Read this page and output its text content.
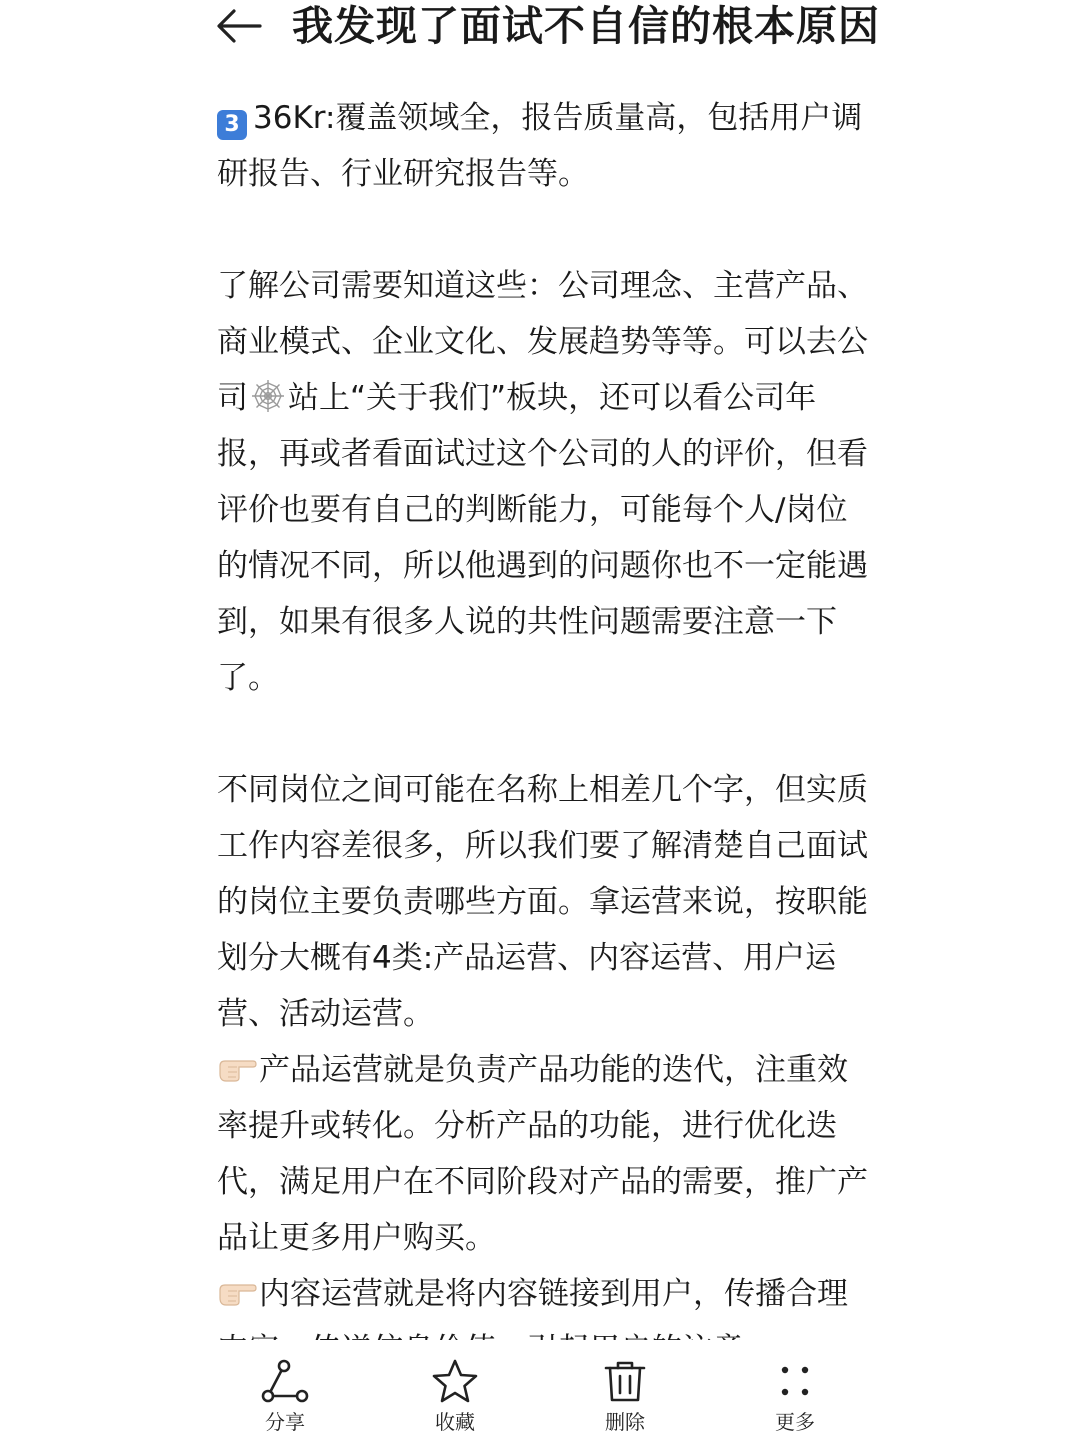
我发现了面试不自信的根本原因

3 36Kr:覆盖领域全，报告质量高，包括用户调研报告、行业研究报告等。

了解公司需要知道这些：公司理念、主营产品、商业模式、企业文化、发展趋势等等。可以去公司 站上“关于我们”板块，还可以看公司年报，再或者看面试过这个公司的人的评价，但看评价也要有自己的判断能力，可能每个人/岗位的情况不同，所以他遇到的问题你也不一定能遇到，如果有很多人说的共性问题需要注意一下了。

不同岗位之间可能在名称上相差几个字，但实质工作内容差很多，所以我们要了解清楚自己面试的岗位主要负责哪些方面。拿运营来说，按职能划分大概有4类:产品运营、内容运营、用户运营、活动运营。

产品运营就是负责产品功能的迭代，注重效率提升或转化。分析产品的功能，进行优化迭代，满足用户在不同阶段对产品的需要，推广产品让更多用户购买。

内容运营就是将内容链接到用户，传播合理

分享	收藏	删除	更多
